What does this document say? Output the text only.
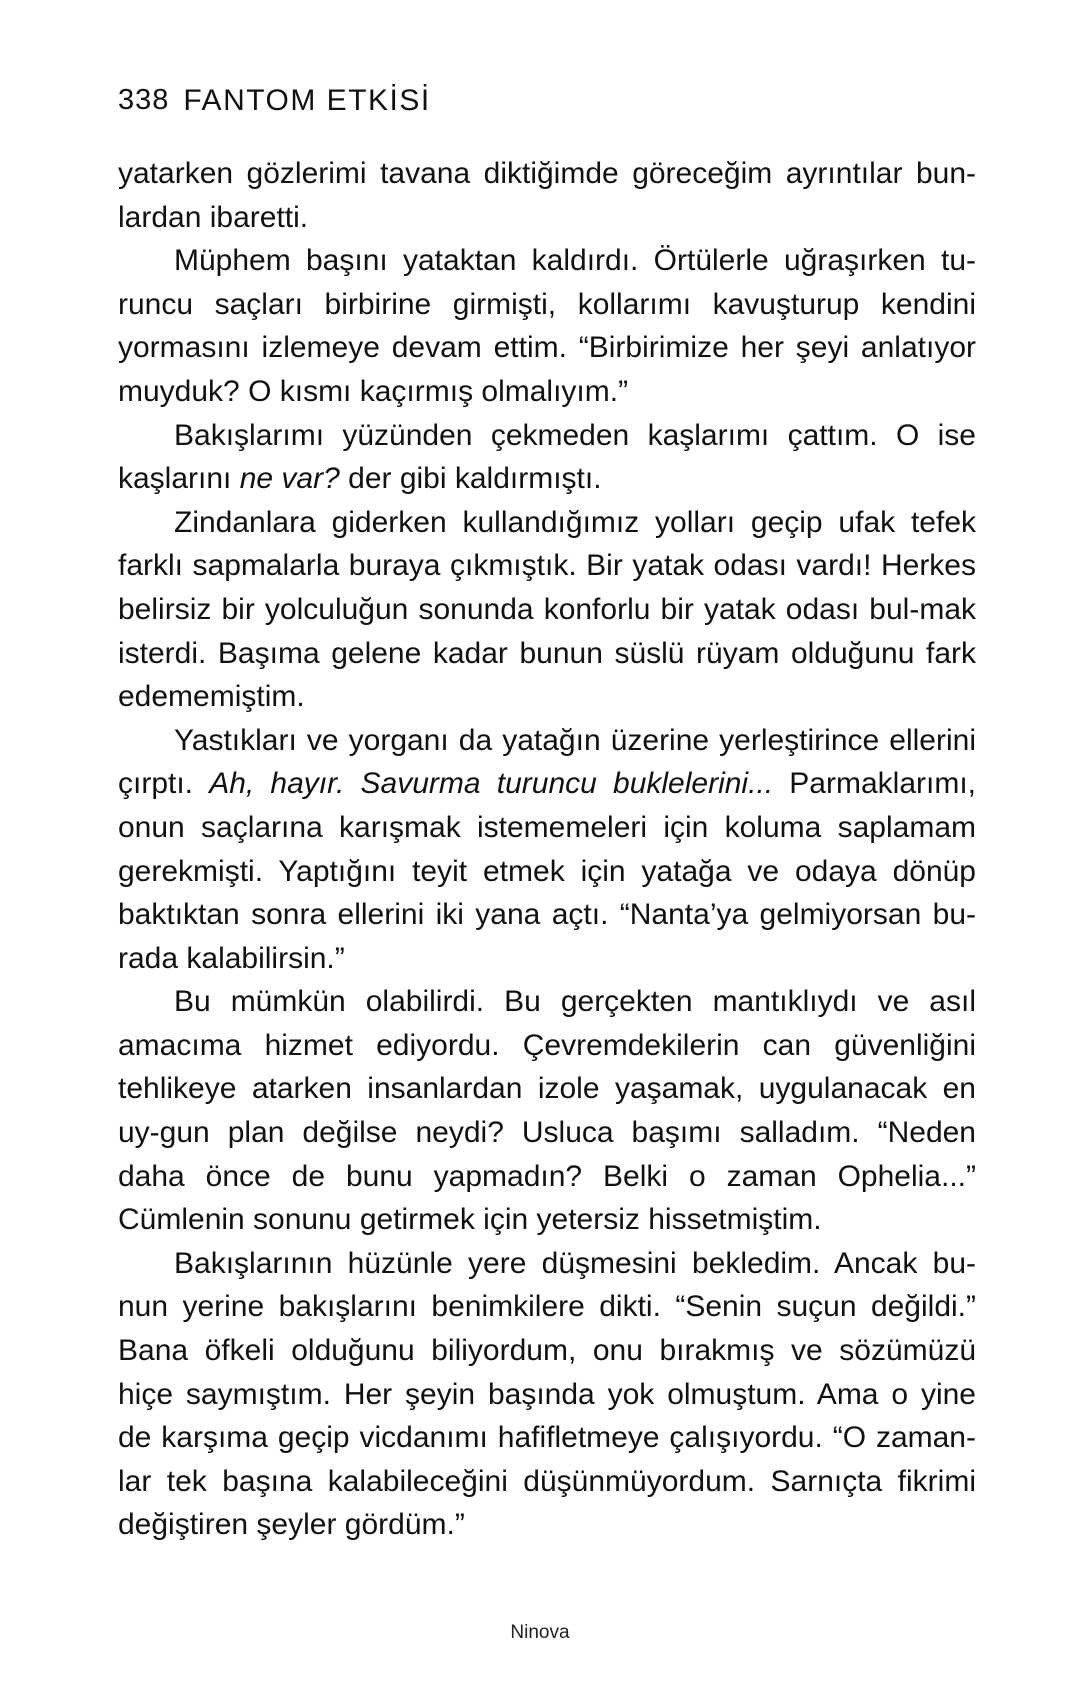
338 FANTOM ETKİSİ

yatarken gözlerimi tavana diktiğimde göreceğim ayrıntılar bun-lardan ibaretti.

Müphem başını yataktan kaldırdı. Örtülerle uğraşırken tu-runcu saçları birbirine girmişti, kollarımı kavuşturup kendini yormasını izlemeye devam ettim. “Birbirimize her şeyi anlatıyor muyduk? O kısmı kaçırmış olmalıyım.”

Bakışlarımı yüzünden çekmeden kaşlarımı çattım. O ise kaşlarını ne var? der gibi kaldırmıştı.

Zindanlara giderken kullandığımız yolları geçip ufak tefek farklı sapmalarla buraya çıkmıştık. Bir yatak odası vardı! Herkes belirsiz bir yolculuğun sonunda konforlu bir yatak odası bul-mak isterdi. Başıma gelene kadar bunun süslü rüyam olduğunu fark edememiştim.

Yastıkları ve yorganı da yatağın üzerine yerleştirince ellerini çırptı. Ah, hayır. Savurma turuncu buklelerini... Parmaklarımı, onun saçlarına karışmak istememeleri için koluma saplamam gerekmişti. Yaptığını teyit etmek için yatağa ve odaya dönüp baktıktan sonra ellerini iki yana açtı. “Nanta’ya gelmiyorsan bu-rada kalabilirsin.”

Bu mümkün olabilirdi. Bu gerçekten mantıklıydı ve asıl amacıma hizmet ediyordu. Çevremdekilerin can güvenliğini tehlikeye atarken insanlardan izole yaşamak, uygulanacak en uy-gun plan değilse neydi? Usluca başımı salladım. “Neden daha önce de bunu yapmadın? Belki o zaman Ophelia...” Cümlenin sonunu getirmek için yetersiz hissetmiştim.

Bakışlarının hüzünle yere düşmesini bekledim. Ancak bu-nun yerine bakışlarını benimkilere dikti. “Senin suçun değildi.” Bana öfkeli olduğunu biliyordum, onu bırakmış ve sözümüzü hiçe saymıştım. Her şeyin başında yok olmuştum. Ama o yine de karşıma geçip vicdanımı hafifletmeye çalışıyordu. “O zaman-lar tek başına kalabileceğini düşünmüyordum. Sarnıçta fikrimi değiştiren şeyler gördüm.”

Ninova
